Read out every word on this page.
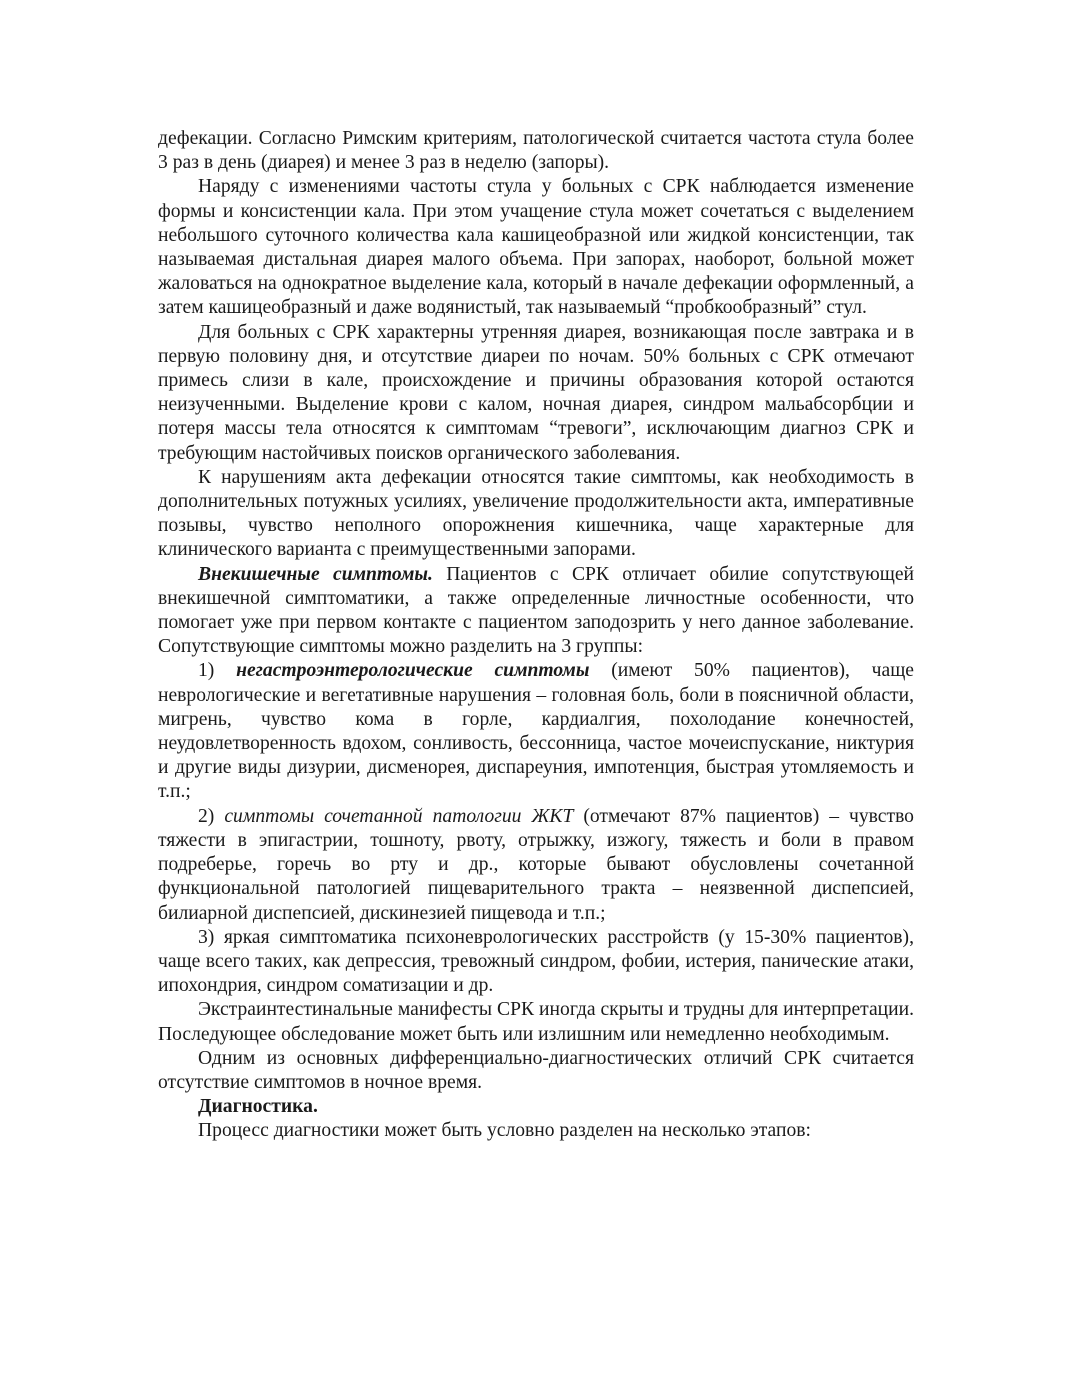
дефекации. Согласно Римским критериям, патологической считается частота стула более 3 раз в день (диарея) и менее 3 раз в неделю (запоры).

Наряду с изменениями частоты стула у больных с СРК наблюдается изменение формы и консистенции кала. При этом учащение стула может сочетаться с выделением небольшого суточного количества кала кашицеобразной или жидкой консистенции, так называемая дистальная диарея малого объема. При запорах, наоборот, больной может жаловаться на однократное выделение кала, который в начале дефекации оформленный, а затем кашицеобразный и даже водянистый, так называемый “пробкообразный” стул.

Для больных с СРК характерны утренняя диарея, возникающая после завтрака и в первую половину дня, и отсутствие диареи по ночам. 50% больных с СРК отмечают примесь слизи в кале, происхождение и причины образования которой остаются неизученными. Выделение крови с калом, ночная диарея, синдром мальабсорбции и потеря массы тела относятся к симптомам “тревоги”, исключающим диагноз СРК и требующим настойчивых поисков органического заболевания.

К нарушениям акта дефекации относятся такие симптомы, как необходимость в дополнительных потужных усилиях, увеличение продолжительности акта, императивные позывы, чувство неполного опорожнения кишечника, чаще характерные для клинического варианта с преимущественными запорами.

Внекишечные симптомы. Пациентов с СРК отличает обилие сопутствующей внекишечной симптоматики, а также определенные личностные особенности, что помогает уже при первом контакте с пациентом заподозрить у него данное заболевание. Сопутствующие симптомы можно разделить на 3 группы:

1) негастроэнтерологические симптомы (имеют 50% пациентов), чаще неврологические и вегетативные нарушения – головная боль, боли в поясничной области, мигрень, чувство кома в горле, кардиалгия, похолодание конечностей, неудовлетворенность вдохом, сонливость, бессонница, частое мочеиспускание, никтурия и другие виды дизурии, дисменорея, диспареуния, импотенция, быстрая утомляемость и т.п.;

2) симптомы сочетанной патологии ЖКТ (отмечают 87% пациентов) – чувство тяжести в эпигастрии, тошноту, рвоту, отрыжку, изжогу, тяжесть и боли в правом подреберье, горечь во рту и др., которые бывают обусловлены сочетанной функциональной патологией пищеварительного тракта – неязвенной диспепсией, билиарной диспепсией, дискинезией пищевода и т.п.;

3) яркая симптоматика психоневрологических расстройств (у 15-30% пациентов), чаще всего таких, как депрессия, тревожный синдром, фобии, истерия, панические атаки, ипохондрия, синдром соматизации и др.

Экстраинтестинальные манифесты СРК иногда скрыты и трудны для интерпретации. Последующее обследование может быть или излишним или немедленно необходимым.

Одним из основных дифференциально-диагностических отличий СРК считается отсутствие симптомов в ночное время.

Диагностика.

Процесс диагностики может быть условно разделен на несколько этапов:
